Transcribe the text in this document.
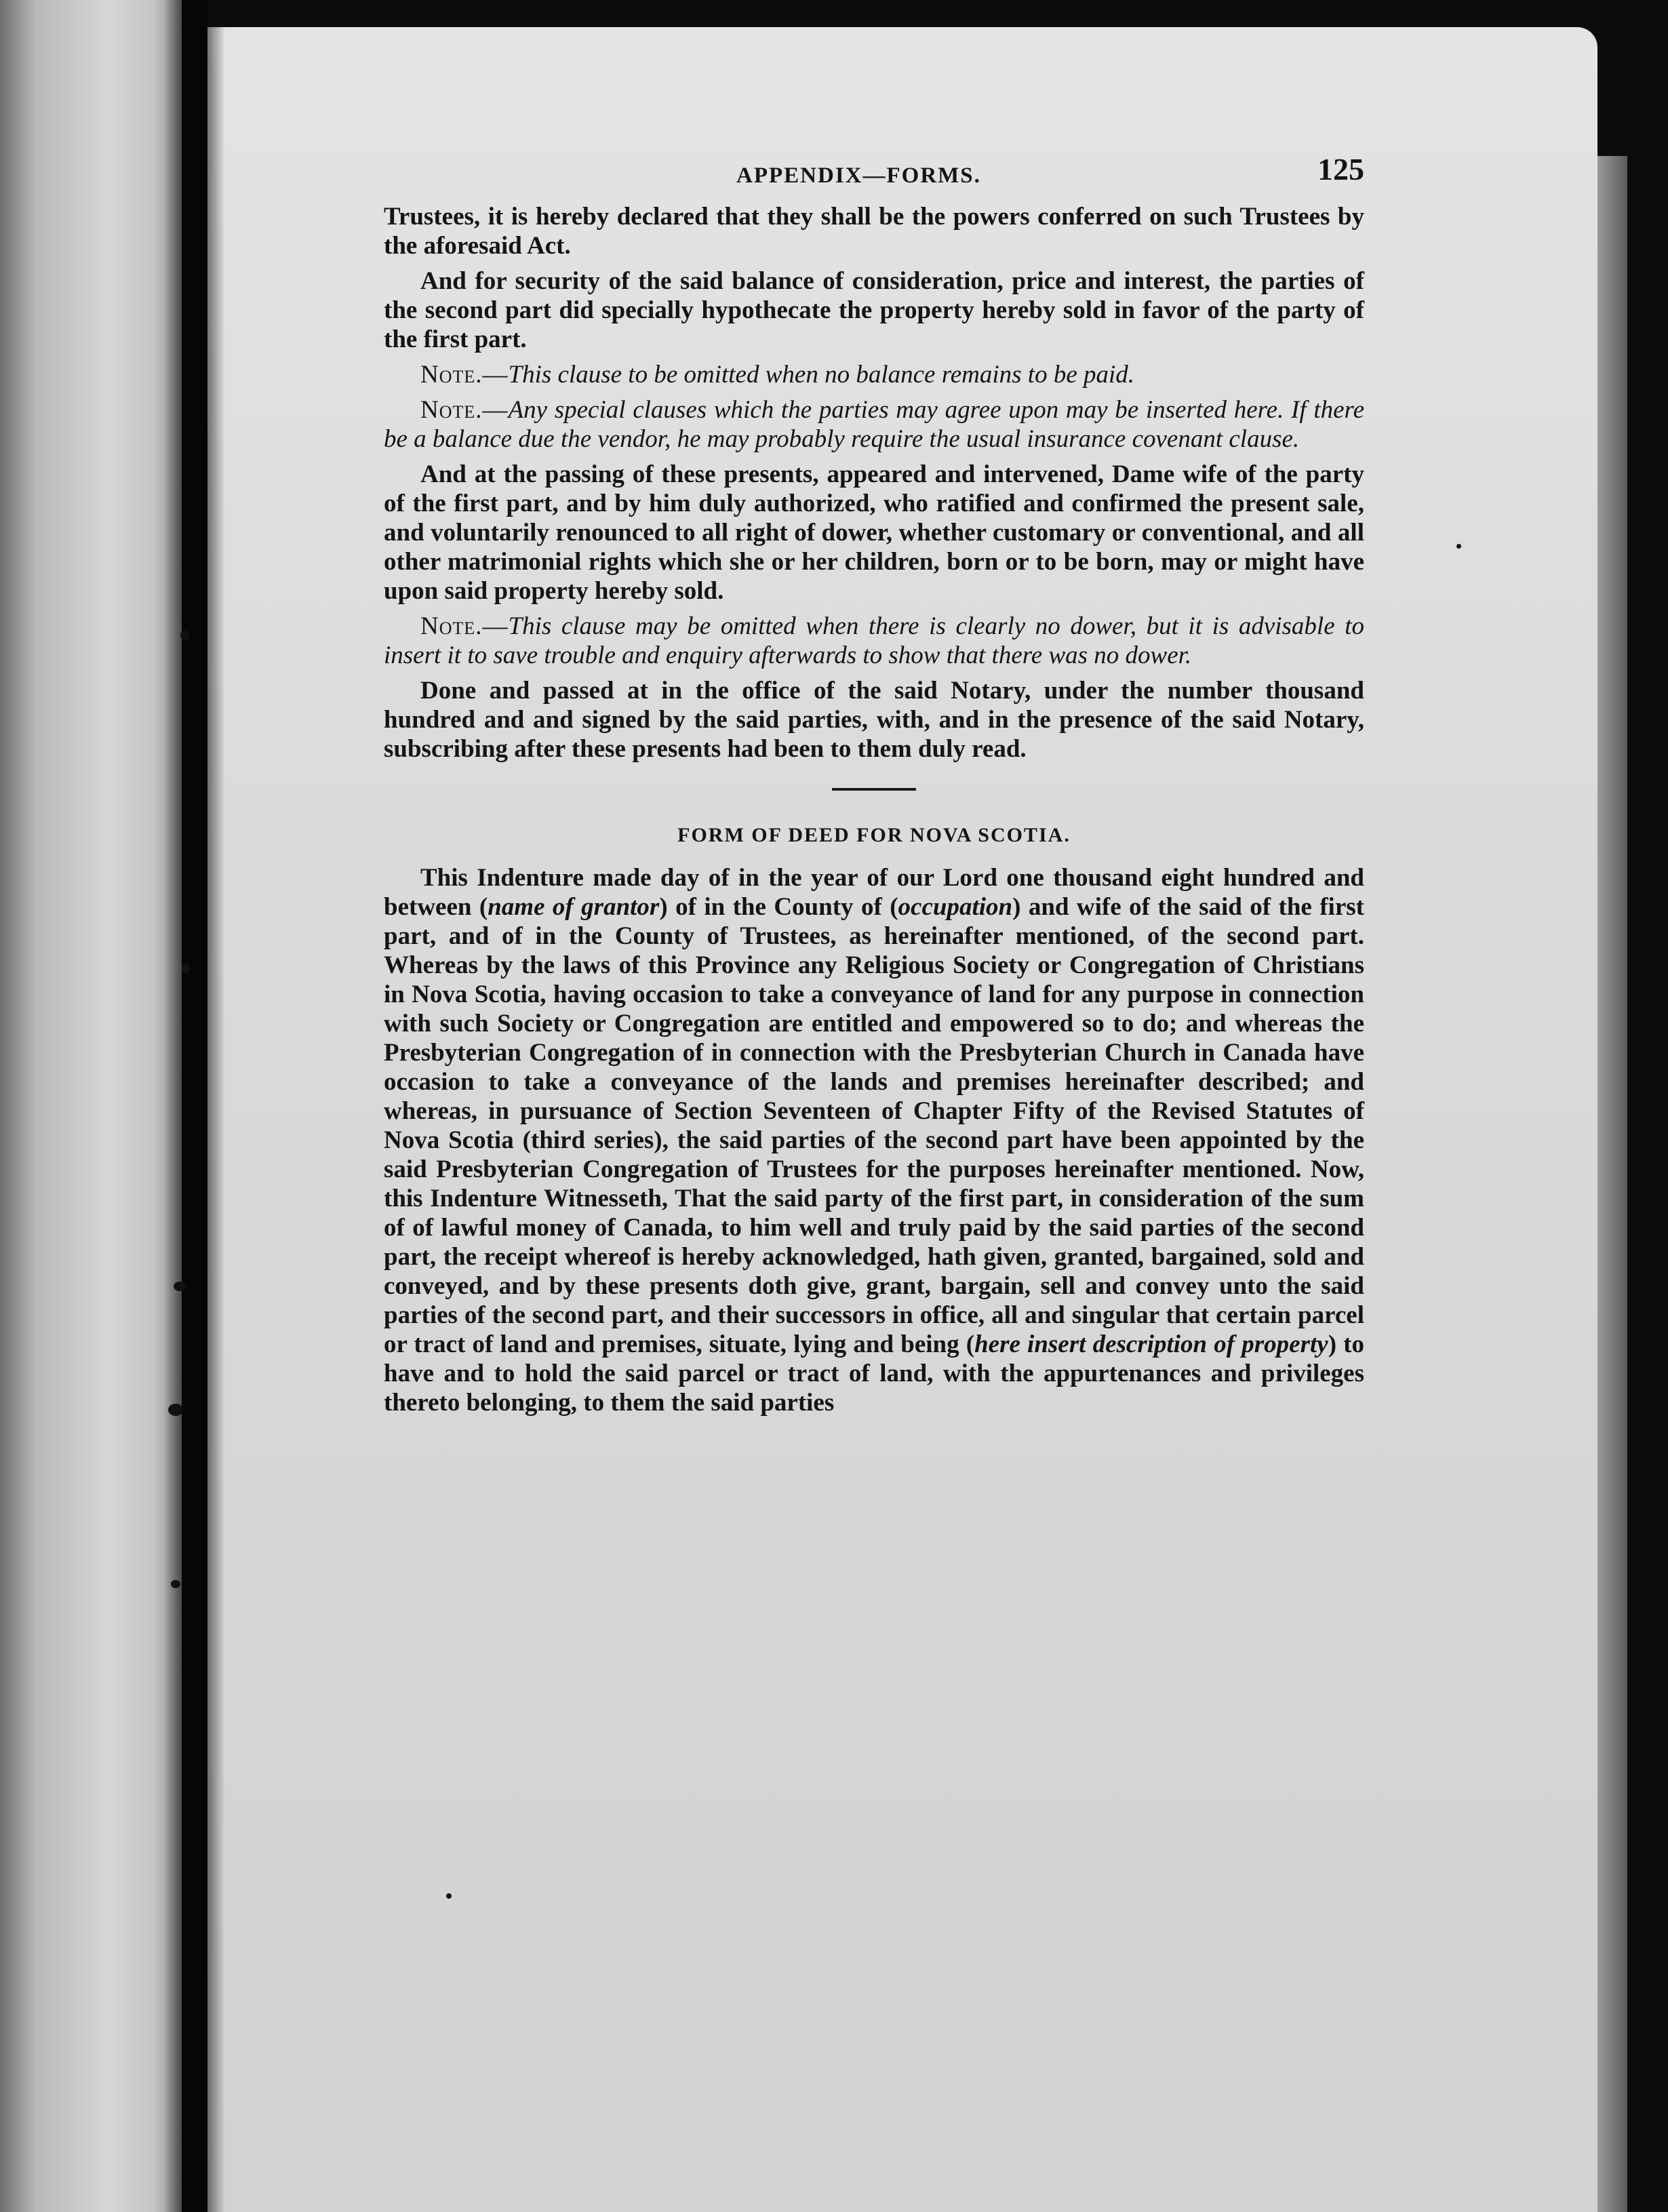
APPENDIX—FORMS.	125

Trustees, it is hereby declared that they shall be the powers conferred on such Trustees by the aforesaid Act.

And for security of the said balance of consideration, price and interest, the parties of the second part did specially hypothecate the property hereby sold in favor of the party of the first part.

Note.—This clause to be omitted when no balance remains to be paid.

Note.—Any special clauses which the parties may agree upon may be inserted here. If there be a balance due the vendor, he may probably require the usual insurance covenant clause.

And at the passing of these presents, appeared and intervened, Dame wife of the party of the first part, and by him duly authorized, who ratified and confirmed the present sale, and voluntarily renounced to all right of dower, whether customary or conventional, and all other matrimonial rights which she or her children, born or to be born, may or might have upon said property hereby sold.

Note.—This clause may be omitted when there is clearly no dower, but it is advisable to insert it to save trouble and enquiry afterwards to show that there was no dower.

Done and passed at in the office of the said Notary, under the number thousand hundred and and signed by the said parties, with, and in the presence of the said Notary, subscribing after these presents had been to them duly read.

FORM OF DEED FOR NOVA SCOTIA.

This Indenture made day of in the year of our Lord one thousand eight hundred and between (name of grantor) of in the County of (occupation) and wife of the said of the first part, and of in the County of Trustees, as hereinafter mentioned, of the second part. Whereas by the laws of this Province any Religious Society or Congregation of Christians in Nova Scotia, having occasion to take a conveyance of land for any purpose in connection with such Society or Congregation are entitled and empowered so to do; and whereas the Presbyterian Congregation of in connection with the Presbyterian Church in Canada have occasion to take a conveyance of the lands and premises hereinafter described; and whereas, in pursuance of Section Seventeen of Chapter Fifty of the Revised Statutes of Nova Scotia (third series), the said parties of the second part have been appointed by the said Presbyterian Congregation of Trustees for the purposes hereinafter mentioned. Now, this Indenture Witnesseth, That the said party of the first part, in consideration of the sum of of lawful money of Canada, to him well and truly paid by the said parties of the second part, the receipt whereof is hereby acknowledged, hath given, granted, bargained, sold and conveyed, and by these presents doth give, grant, bargain, sell and convey unto the said parties of the second part, and their successors in office, all and singular that certain parcel or tract of land and premises, situate, lying and being (here insert description of property) to have and to hold the said parcel or tract of land, with the appurtenances and privileges thereto belonging, to them the said parties
